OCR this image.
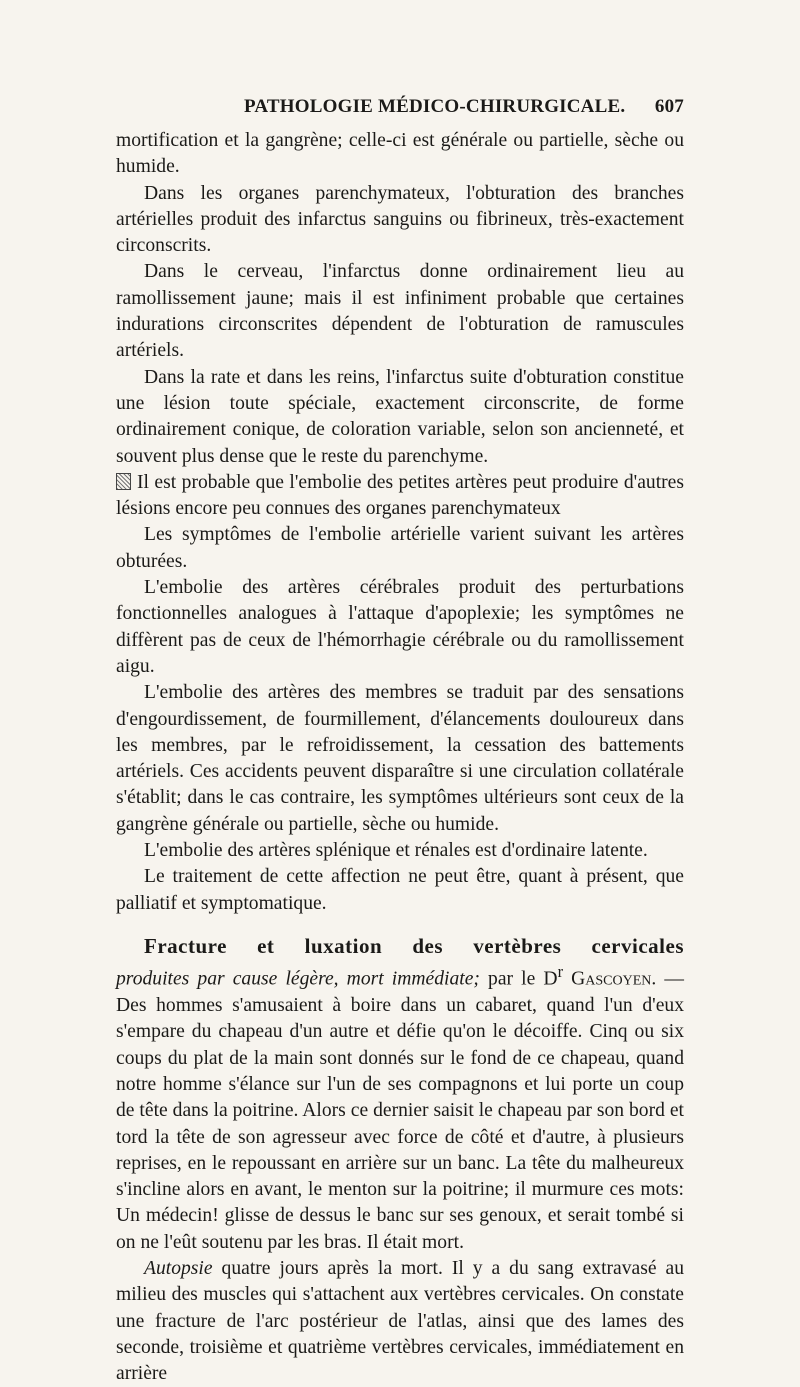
PATHOLOGIE MÉDICO-CHIRURGICALE. 607

mortification et la gangrène; celle-ci est générale ou partielle, sèche ou humide.

Dans les organes parenchymateux, l'obturation des branches artérielles produit des infarctus sanguins ou fibrineux, très-exactement circonscrits.

Dans le cerveau, l'infarctus donne ordinairement lieu au ramollissement jaune; mais il est infiniment probable que certaines indurations circonscrites dépendent de l'obturation de ramuscules artériels.

Dans la rate et dans les reins, l'infarctus suite d'obturation constitue une lésion toute spéciale, exactement circonscrite, de forme ordinairement conique, de coloration variable, selon son ancienneté, et souvent plus dense que le reste du parenchyme.

Il est probable que l'embolie des petites artères peut produire d'autres lésions encore peu connues des organes parenchymateux

Les symptômes de l'embolie artérielle varient suivant les artères obturées.

L'embolie des artères cérébrales produit des perturbations fonctionnelles analogues à l'attaque d'apoplexie; les symptômes ne diffèrent pas de ceux de l'hémorrhagie cérébrale ou du ramollissement aigu.

L'embolie des artères des membres se traduit par des sensations d'engourdissement, de fourmillement, d'élancements douloureux dans les membres, par le refroidissement, la cessation des battements artériels. Ces accidents peuvent disparaître si une circulation collatérale s'établit; dans le cas contraire, les symptômes ultérieurs sont ceux de la gangrène générale ou partielle, sèche ou humide.

L'embolie des artères splénique et rénales est d'ordinaire latente.

Le traitement de cette affection ne peut être, quant à présent, que palliatif et symptomatique.

Fracture et luxation des vertèbres cervicales

produites par cause légère, mort immédiate; par le $D^r$ Gascoyen. — Des hommes s'amusaient à boire dans un cabaret, quand l'un d'eux s'empare du chapeau d'un autre et défie qu'on le décoiffe. Cinq ou six coups du plat de la main sont donnés sur le fond de ce chapeau, quand notre homme s'élance sur l'un de ses compagnons et lui porte un coup de tête dans la poitrine. Alors ce dernier saisit le chapeau par son bord et tord la tête de son agresseur avec force de côté et d'autre, à plusieurs reprises, en le repoussant en arrière sur un banc. La tête du malheureux s'incline alors en avant, le menton sur la poitrine; il murmure ces mots: Un médecin! glisse de dessus le banc sur ses genoux, et serait tombé si on ne l'eût soutenu par les bras. Il était mort.

Autopsie quatre jours après la mort. Il y a du sang extravasé au milieu des muscles qui s'attachent aux vertèbres cervicales. On constate une fracture de l'arc postérieur de l'atlas, ainsi que des lames des seconde, troisième et quatrième vertèbres cervicales, immédiatement en arrière
